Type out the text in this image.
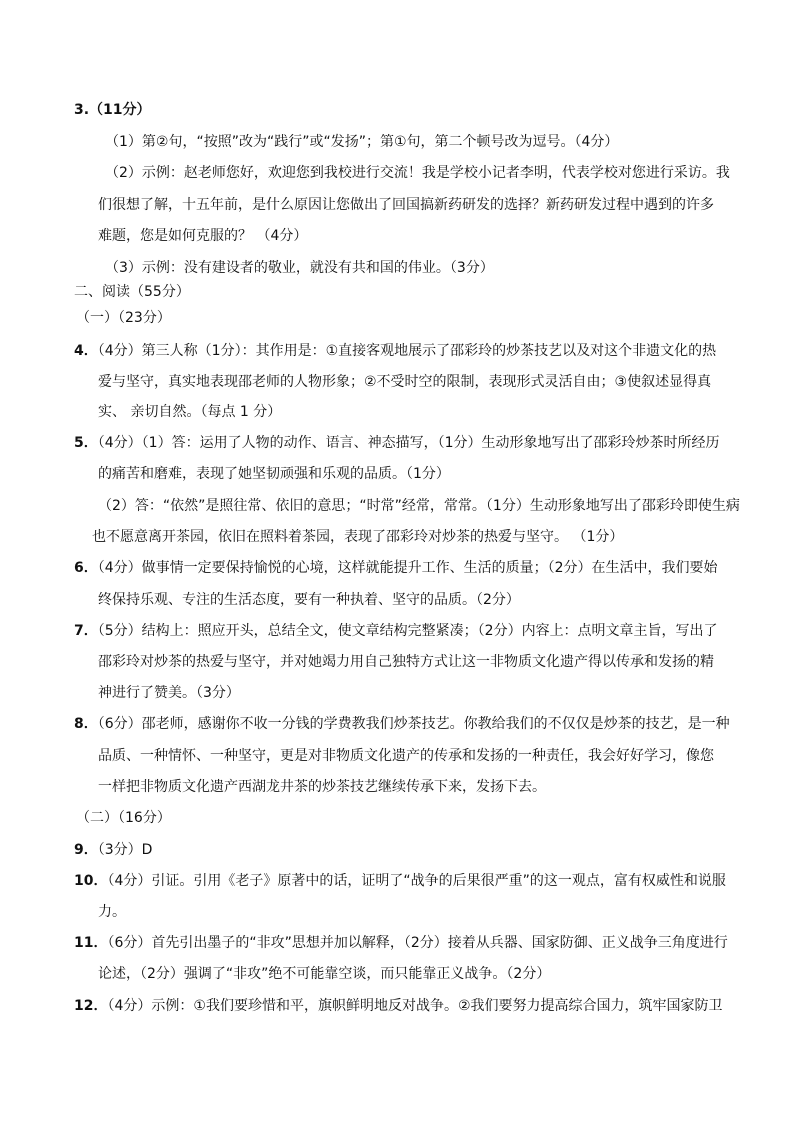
3.（11分）
（1）第②句，“按照”改为“践行”或“发扬”；第①句，第二个顿号改为逗号。（4分）
（2）示例：赵老师您好，欢迎您到我校进行交流！我是学校小记者李明，代表学校对您进行采访。我
们很想了解，十五年前，是什么原因让您做出了回国搞新药研发的选择？新药研发过程中遇到的许多
难题，您是如何克服的？ （4分）
（3）示例：没有建设者的敬业，就没有共和国的伟业。（3分）
二、阅读（55分）
（一）（23分）
4．（4分）第三人称（1分）：其作用是：①直接客观地展示了邵彩玲的炒茶技艺以及对这个非遗文化的热
爱与坚守，真实地表现邵老师的人物形象；②不受时空的限制，表现形式灵活自由；③使叙述显得真
实、 亲切自然。（每点 1 分）
5．（4分）（1）答：运用了人物的动作、语言、神态描写，（1分）生动形象地写出了邵彩玲炒茶时所经历
的痛苦和磨难，表现了她坚韧顽强和乐观的品质。（1分）
（2）答：“依然”是照往常、依旧的意思；“时常”经常，常常。（1分）生动形象地写出了邵彩玲即使生病
也不愿意离开茶园，依旧在照料着茶园，表现了邵彩玲对炒茶的热爱与坚守。 （1分）
6．（4分）做事情一定要保持愉悦的心境，这样就能提升工作、生活的质量；（2分）在生活中，我们要始
终保持乐观、专注的生活态度，要有一种执着、坚守的品质。（2分）
7．（5分）结构上：照应开头，总结全文，使文章结构完整紧凑；（2分）内容上：点明文章主旨，写出了
邵彩玲对炒茶的热爱与坚守，并对她竭力用自己独特方式让这一非物质文化遗产得以传承和发扬的精
神进行了赞美。（3分）
8．（6分）邵老师，感谢你不收一分钱的学费教我们炒茶技艺。你教给我们的不仅仅是炒茶的技艺，是一种
品质、一种情怀、一种坚守，更是对非物质文化遗产的传承和发扬的一种责任，我会好好学习，像您
一样把非物质文化遗产西湖龙井茶的炒茶技艺继续传承下来，发扬下去。
（二）（16分）
9．（3分）D
10．（4分）引证。引用《老子》原著中的话，证明了“战争的后果很严重”的这一观点，富有权威性和说服
力。
11．（6分）首先引出墨子的“非攻”思想并加以解释，（2分）接着从兵器、国家防御、正义战争三角度进行
论述，（2分）强调了“非攻”绝不可能靠空谈，而只能靠正义战争。（2分）
12．（4分）示例：①我们要珍惜和平，旗帜鲜明地反对战争。②我们要努力提高综合国力，筑牢国家防卫
